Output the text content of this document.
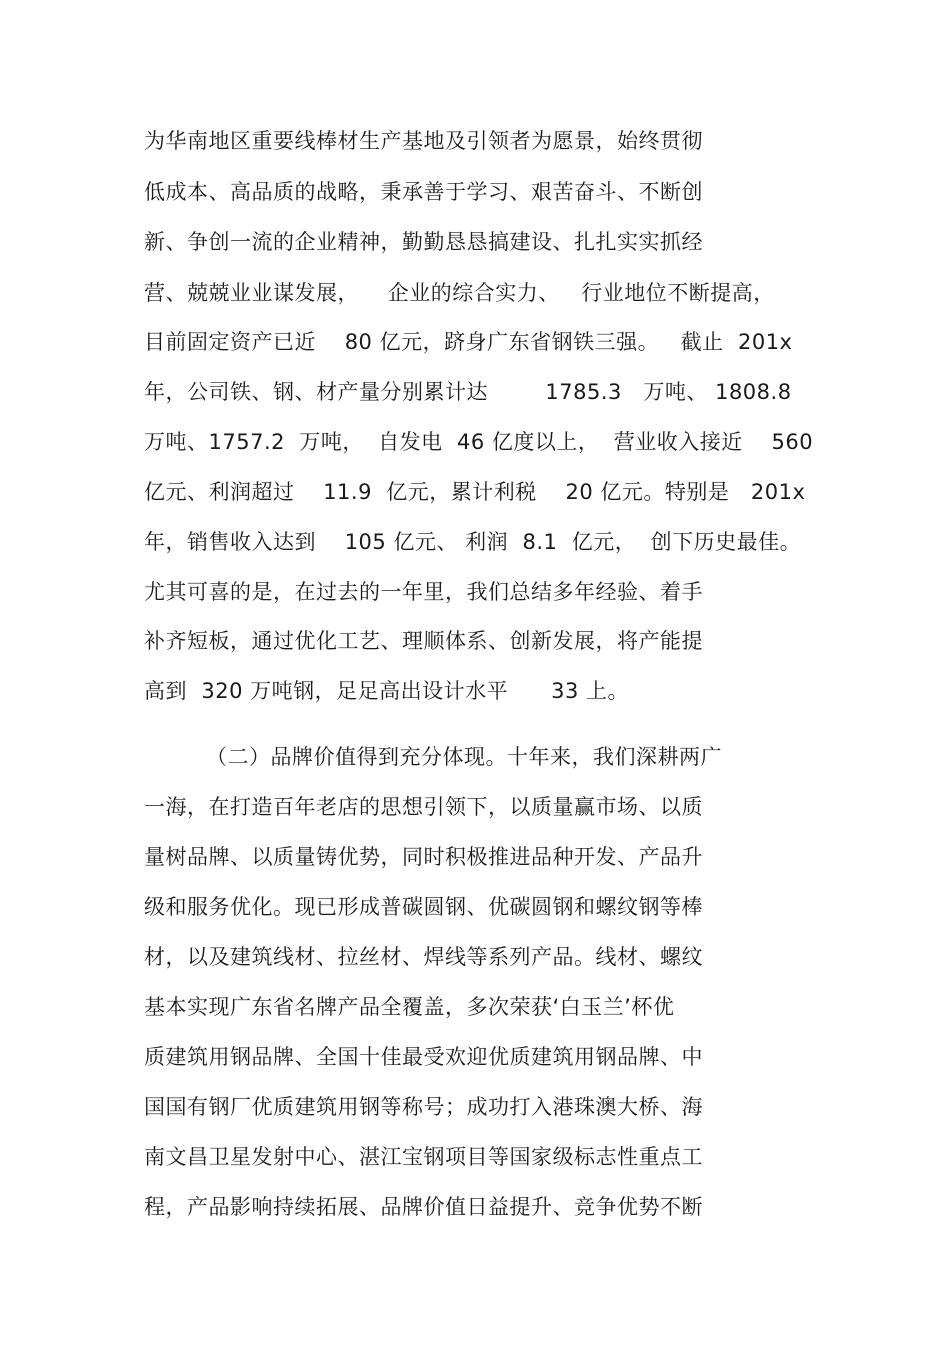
为华南地区重要线棒材生产基地及引领者为愿景，始终贯彻
低成本、高品质的战略，秉承善于学习、艰苦奋斗、不断创
新、争创一流的企业精神，勤勤恳恳搞建设、扎扎实实抓经
营、兢兢业业谋发展，    企业的综合实力、   行业地位不断提高，
目前固定资产已近    80 亿元，跻身广东省钢铁三强。   截止  201x
年，公司铁、钢、材产量分别累计达        1785.3   万吨、 1808.8
万吨、1757.2  万吨，  自发电  46 亿度以上，  营业收入接近    560
亿元、利润超过    11.9  亿元，累计利税    20 亿元。特别是   201x
年，销售收入达到    105 亿元、 利润  8.1  亿元，  创下历史最佳。
尤其可喜的是，在过去的一年里，我们总结多年经验、着手
补齐短板，通过优化工艺、理顺体系、创新发展，将产能提
高到  320 万吨钢，足足高出设计水平      33 上。
（二）品牌价值得到充分体现。十年来，我们深耕两广
一海，在打造百年老店的思想引领下，以质量赢市场、以质
量树品牌、以质量铸优势，同时积极推进品种开发、产品升
级和服务优化。现已形成普碳圆钢、优碳圆钢和螺纹钢等棒
材，以及建筑线材、拉丝材、焊线等系列产品。线材、螺纹
基本实现广东省名牌产品全覆盖，多次荣获‘白玉兰’杯优
质建筑用钢品牌、全国十佳最受欢迎优质建筑用钢品牌、中
国国有钢厂优质建筑用钢等称号；成功打入港珠澳大桥、海
南文昌卫星发射中心、湛江宝钢项目等国家级标志性重点工
程，产品影响持续拓展、品牌价值日益提升、竞争优势不断
